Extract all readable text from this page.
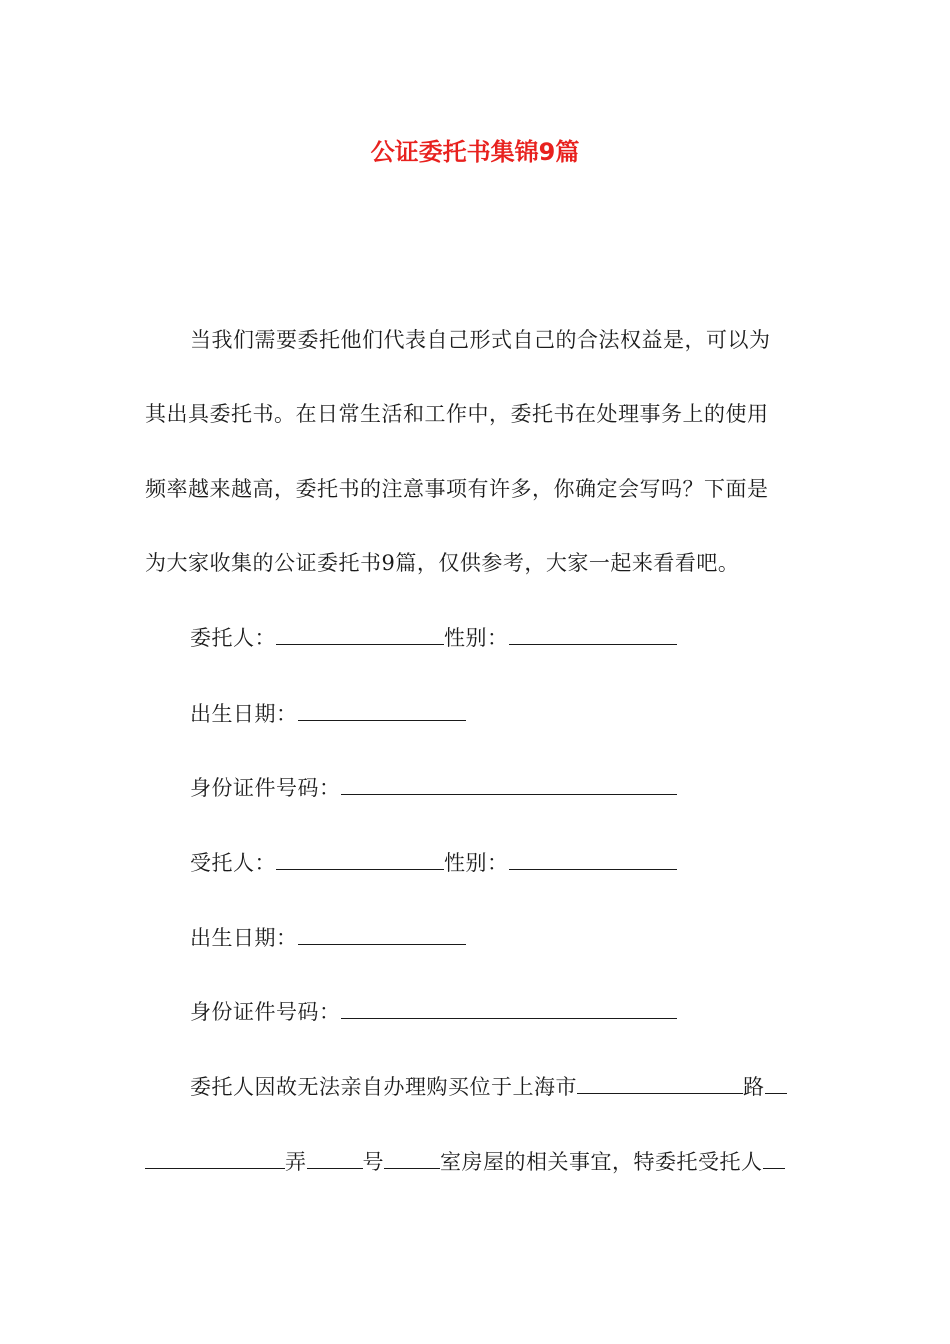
公证委托书集锦9篇
当我们需要委托他们代表自己形式自己的合法权益是，可以为
其出具委托书。在日常生活和工作中，委托书在处理事务上的使用
频率越来越高，委托书的注意事项有许多，你确定会写吗？下面是
为大家收集的公证委托书9篇，仅供参考，大家一起来看看吧。
委托人：	性别：
出生日期：
身份证件号码：
受托人：	性别：
出生日期：
身份证件号码：
委托人因故无法亲自办理购买位于上海市	路
弄	号	室房屋的相关事宜，特委托受托人
